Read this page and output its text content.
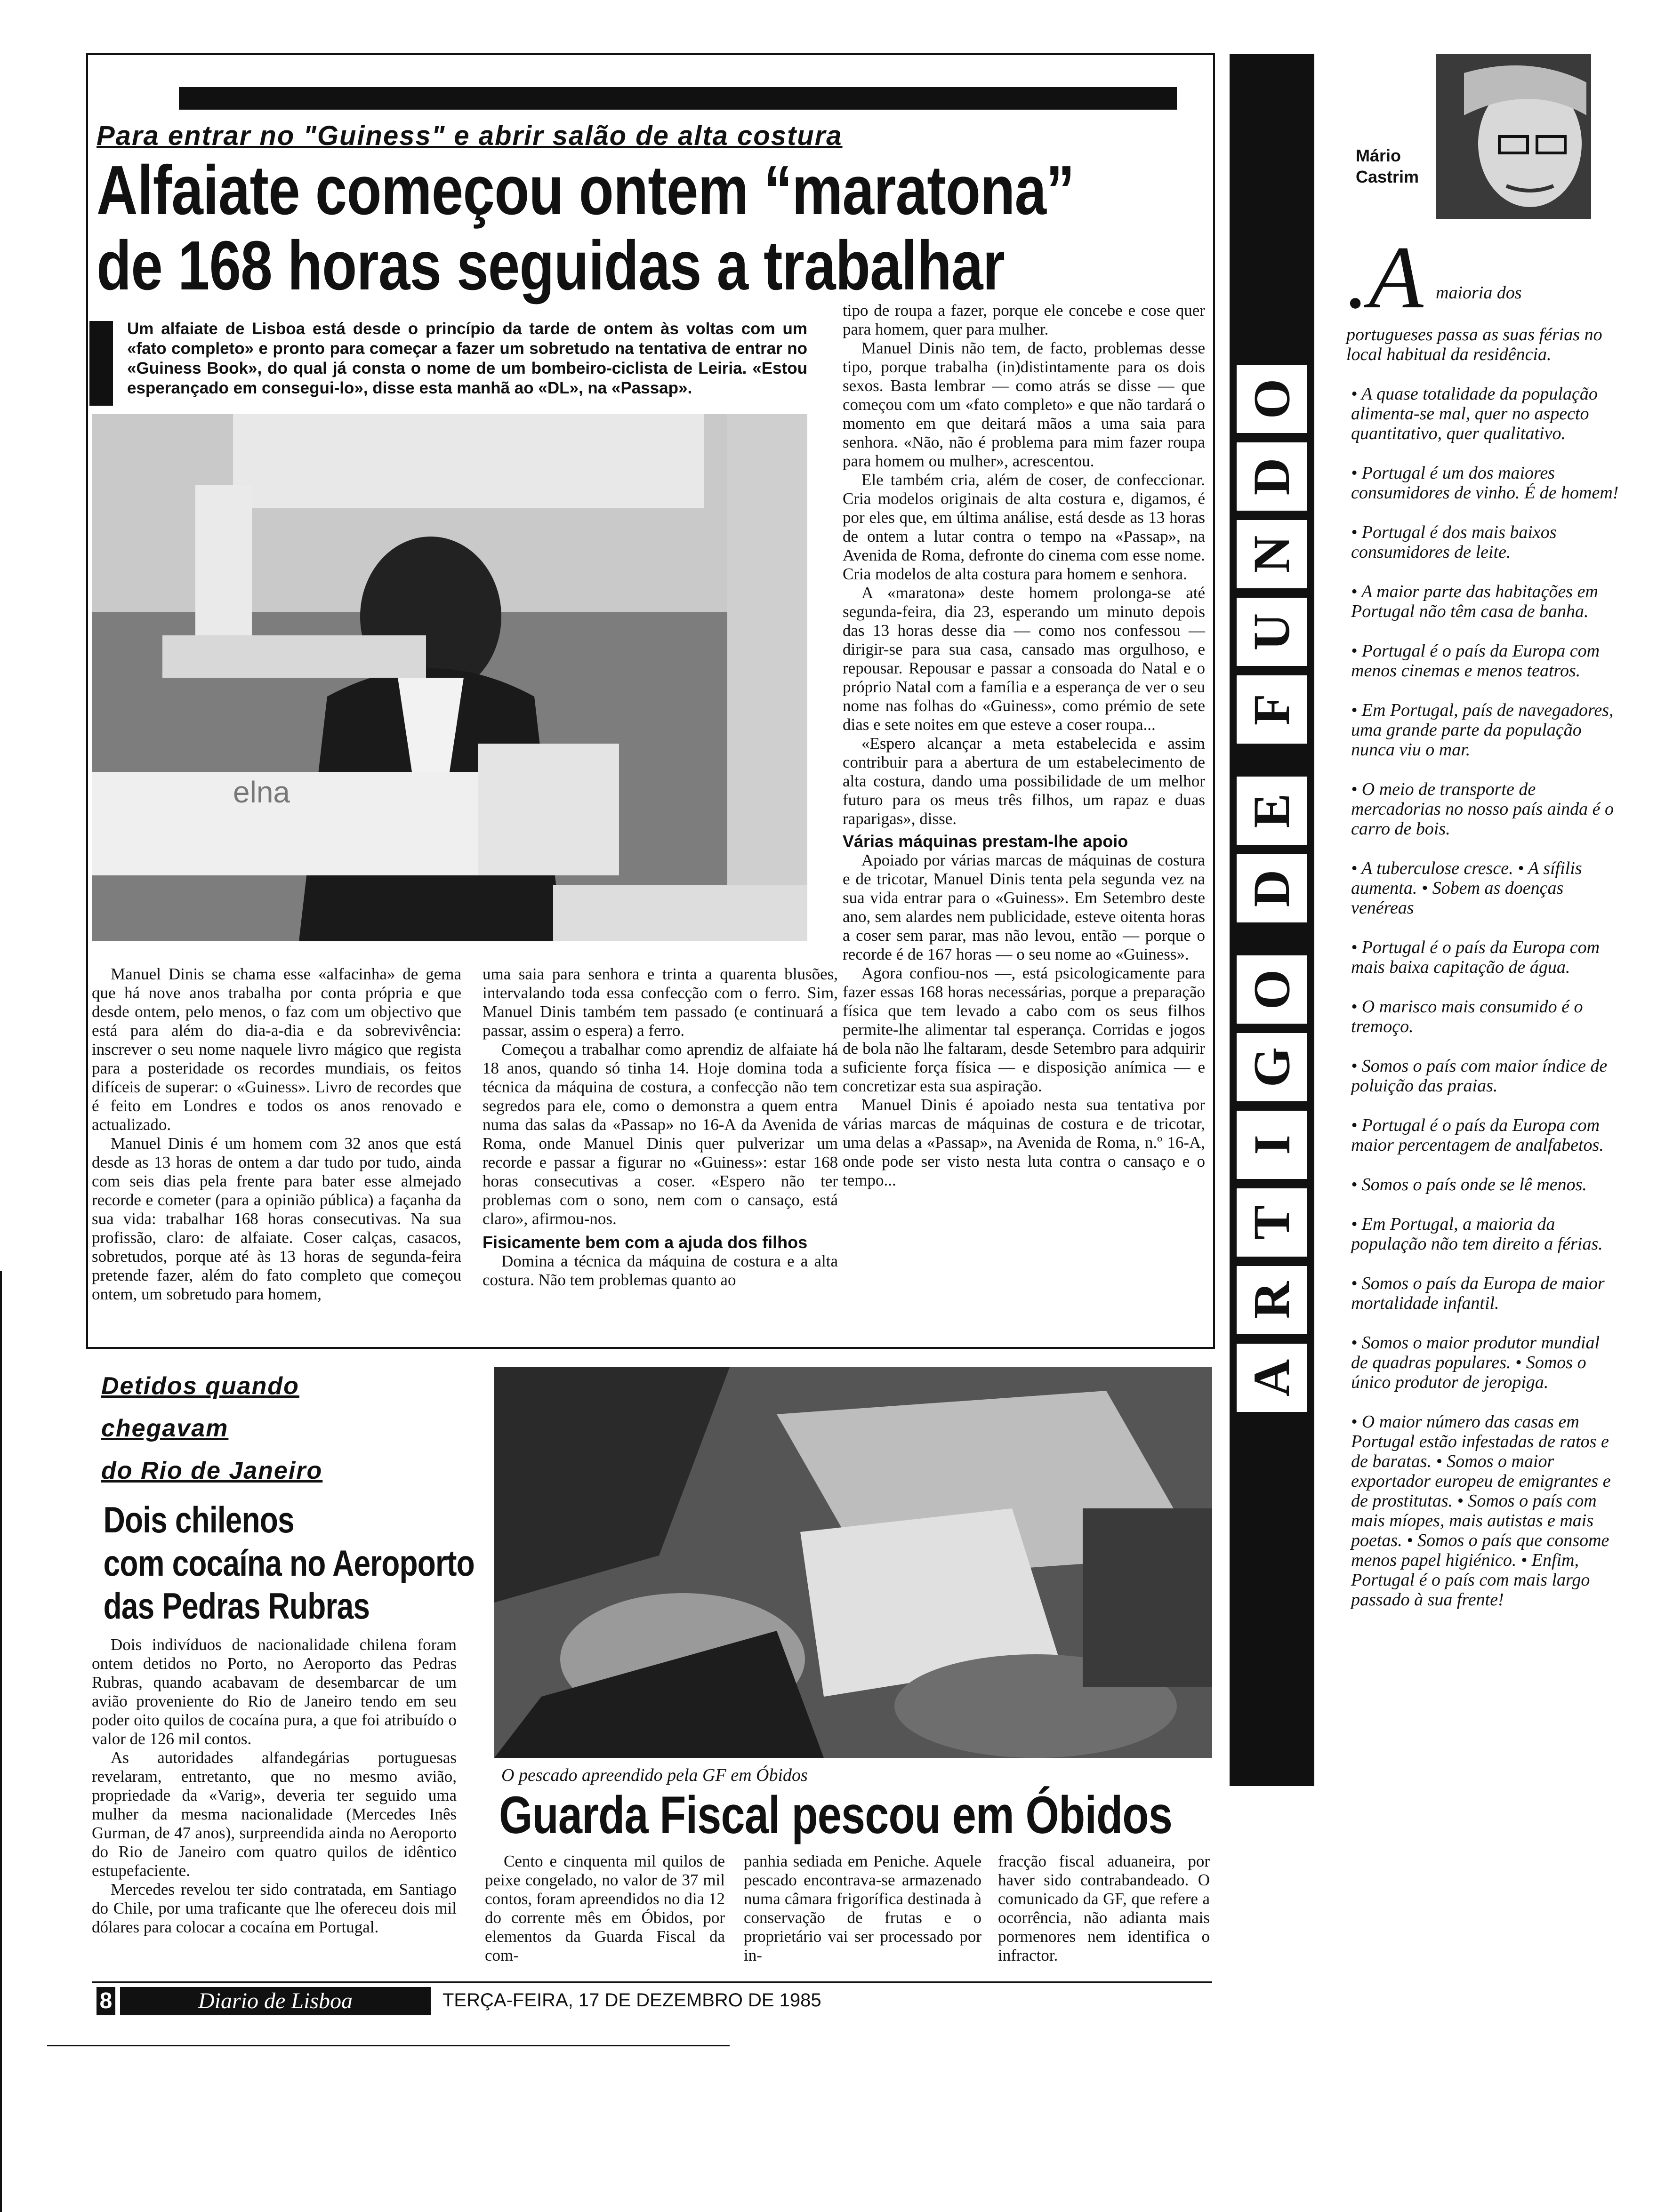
Para entrar no "Guiness" e abrir salão de alta costura
Alfaiate começou ontem “maratona”
de 168 horas seguidas a trabalhar
Um alfaiate de Lisboa está desde o princípio da tarde de ontem às voltas com um «fato completo» e pronto para começar a fazer um sobretudo na tentativa de entrar no «Guiness Book», do qual já consta o nome de um bombeiro-ciclista de Leiria. «Estou esperançado em consegui-lo», disse esta manhã ao «DL», na «Passap».
elna

Manuel Dinis se chama esse «alfacinha» de gema que há nove anos trabalha por conta própria e que desde ontem, pelo menos, o faz com um objectivo que está para além do dia-a-dia e da sobrevivência: inscrever o seu nome naquele livro mágico que regista para a posteridade os recordes mundiais, os feitos difíceis de superar: o «Guiness». Livro de recordes que é feito em Londres e todos os anos renovado e actualizado.

Manuel Dinis é um homem com 32 anos que está desde as 13 horas de ontem a dar tudo por tudo, ainda com seis dias pela frente para bater esse almejado recorde e cometer (para a opinião pública) a façanha da sua vida: trabalhar 168 horas consecutivas. Na sua profissão, claro: de alfaiate. Coser calças, casacos, sobretudos, porque até às 13 horas de segunda-feira pretende fazer, além do fato completo que começou ontem, um sobretudo para homem,

uma saia para senhora e trinta a quarenta blusões, intervalando toda essa confecção com o ferro. Sim, Manuel Dinis também tem passado (e continuará a passar, assim o espera) a ferro.

Começou a trabalhar como aprendiz de alfaiate há 18 anos, quando só tinha 14. Hoje domina toda a técnica da máquina de costura, a confecção não tem segredos para ele, como o demonstra a quem entra numa das salas da «Passap» no 16-A da Avenida de Roma, onde Manuel Dinis quer pulverizar um recorde e passar a figurar no «Guiness»: estar 168 horas consecutivas a coser. «Espero não ter problemas com o sono, nem com o cansaço, está claro», afirmou-nos.

Fisicamente bem com a ajuda dos filhos

Domina a técnica da máquina de costura e a alta costura. Não tem problemas quanto ao

tipo de roupa a fazer, porque ele concebe e cose quer para homem, quer para mulher.

Manuel Dinis não tem, de facto, problemas desse tipo, porque trabalha (in)distintamente para os dois sexos. Basta lembrar — como atrás se disse — que começou com um «fato completo» e que não tardará o momento em que deitará mãos a uma saia para senhora. «Não, não é problema para mim fazer roupa para homem ou mulher», acrescentou.

Ele também cria, além de coser, de confeccionar. Cria modelos originais de alta costura e, digamos, é por eles que, em última análise, está desde as 13 horas de ontem a lutar contra o tempo na «Passap», na Avenida de Roma, defronte do cinema com esse nome. Cria modelos de alta costura para homem e senhora.

A «maratona» deste homem prolonga-se até segunda-feira, dia 23, esperando um minuto depois das 13 horas desse dia — como nos confessou — dirigir-se para sua casa, cansado mas orgulhoso, e repousar. Repousar e passar a consoada do Natal e o próprio Natal com a família e a esperança de ver o seu nome nas folhas do «Guiness», como prémio de sete dias e sete noites em que esteve a coser roupa...

«Espero alcançar a meta estabelecida e assim contribuir para a abertura de um estabelecimento de alta costura, dando uma possibilidade de um melhor futuro para os meus três filhos, um rapaz e duas raparigas», disse.

Várias máquinas prestam-lhe apoio

Apoiado por várias marcas de máquinas de costura e de tricotar, Manuel Dinis tenta pela segunda vez na sua vida entrar para o «Guiness». Em Setembro deste ano, sem alardes nem publicidade, esteve oitenta horas a coser sem parar, mas não levou, então — porque o recorde é de 167 horas — o seu nome ao «Guiness».

Agora confiou-nos —, está psicologicamente para fazer essas 168 horas necessárias, porque a preparação física que tem levado a cabo com os seus filhos permite-lhe alimentar tal esperança. Corridas e jogos de bola não lhe faltaram, desde Setembro para adquirir suficiente força física — e disposição anímica — e concretizar esta sua aspiração.

Manuel Dinis é apoiado nesta sua tentativa por várias marcas de máquinas de costura e de tricotar, uma delas a «Passap», na Avenida de Roma, n.º 16-A, onde pode ser visto nesta luta contra o cansaço e o tempo...

Detidos quando
chegavam
do Rio de Janeiro
Dois chilenos
com cocaína no Aeroporto
das Pedras Rubras

Dois indivíduos de nacionalidade chilena foram ontem detidos no Porto, no Aeroporto das Pedras Rubras, quando acabavam de desembarcar de um avião proveniente do Rio de Janeiro tendo em seu poder oito quilos de cocaína pura, a que foi atribuído o valor de 126 mil contos.

As autoridades alfandegárias portuguesas revelaram, entretanto, que no mesmo avião, propriedade da «Varig», deveria ter seguido uma mulher da mesma nacionalidade (Mercedes Inês Gurman, de 47 anos), surpreendida ainda no Aeroporto do Rio de Janeiro com quatro quilos de idêntico estupefaciente.

Mercedes revelou ter sido contratada, em Santiago do Chile, por uma traficante que lhe ofereceu dois mil dólares para colocar a cocaína em Portugal.

O pescado apreendido pela GF em Óbidos
Guarda Fiscal pescou em Óbidos
Cento e cinquenta mil quilos de peixe congelado, no valor de 37 mil contos, foram apreendidos no dia 12 do corrente mês em Óbidos, por elementos da Guarda Fiscal da com-
panhia sediada em Peniche. Aquele pescado encontrava-se armazenado numa câmara frigorífica destinada à conservação de frutas e o proprietário vai ser processado por in-
fracção fiscal aduaneira, por haver sido contrabandeado. O comunicado da GF, que refere a ocorrência, não adianta mais pormenores nem identifica o infractor.
8	Diario de Lisboa	TERÇA-FEIRA, 17 DE DEZEMBRO DE 1985
O
D
N
U
F
E
D
O
G
I
T
R
A
Mário
Castrim
.A maioria dos

portugueses passa as suas férias no local habitual da residência.

• A quase totalidade da população alimenta-se mal, quer no aspecto quantitativo, quer qualitativo.

• Portugal é um dos maiores consumidores de vinho. É de homem!

• Portugal é dos mais baixos consumidores de leite.

• A maior parte das habitações em Portugal não têm casa de banha.

• Portugal é o país da Europa com menos cinemas e menos teatros.

• Em Portugal, país de navegadores, uma grande parte da população nunca viu o mar.

• O meio de transporte de mercadorias no nosso país ainda é o carro de bois.

• A tuberculose cresce. • A sífilis aumenta. • Sobem as doenças venéreas

• Portugal é o país da Europa com mais baixa capitação de água.

• O marisco mais consumido é o tremoço.

• Somos o país com maior índice de poluição das praias.

• Portugal é o país da Europa com maior percentagem de analfabetos.

• Somos o país onde se lê menos.

• Em Portugal, a maioria da população não tem direito a férias.

• Somos o país da Europa de maior mortalidade infantil.

• Somos o maior produtor mundial de quadras populares. • Somos o único produtor de jeropiga.

• O maior número das casas em Portugal estão infestadas de ratos e de baratas. • Somos o maior exportador europeu de emigrantes e de prostitutas. • Somos o país com mais míopes, mais autistas e mais poetas. • Somos o país que consome menos papel higiénico. • Enfim, Portugal é o país com mais largo passado à sua frente!
